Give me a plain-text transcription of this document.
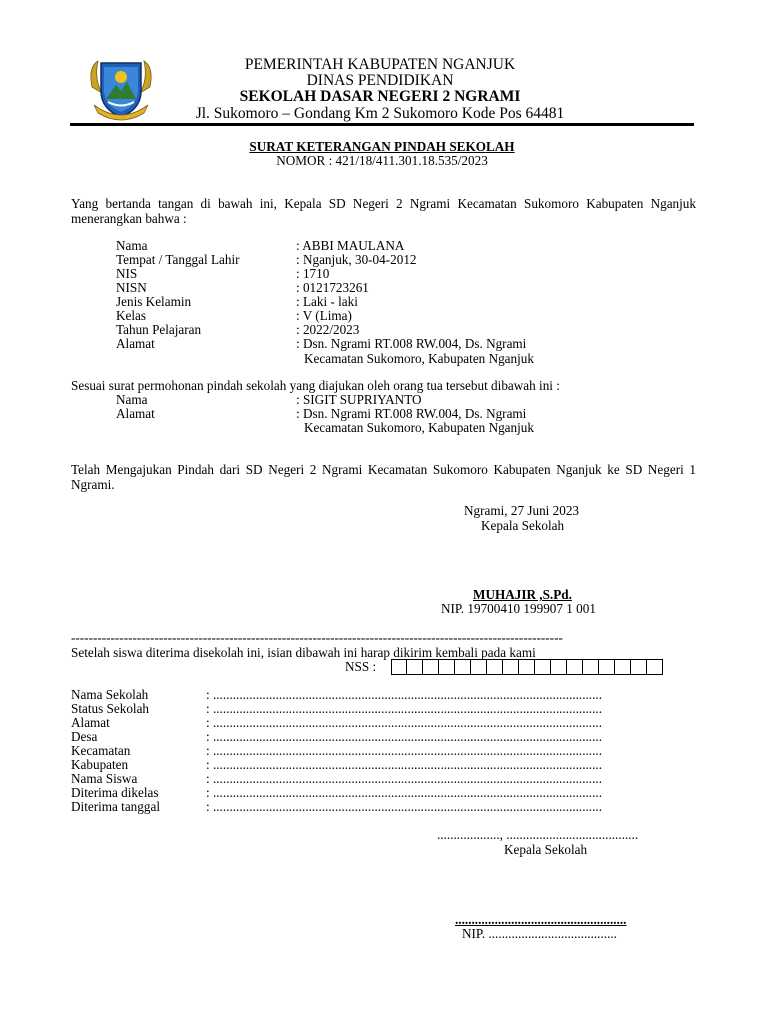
PEMERINTAH KABUPATEN NGANJUK
DINAS PENDIDIKAN
SEKOLAH DASAR NEGERI 2 NGRAMI
Jl. Sukomoro – Gondang Km 2 Sukomoro Kode Pos 64481
SURAT KETERANGAN PINDAH SEKOLAH
NOMOR : 421/18/411.301.18.535/2023
Yang bertanda tangan di bawah ini, Kepala SD Negeri 2 Ngrami Kecamatan Sukomoro Kabupaten Nganjuk menerangkan bahwa :
Nama	: ABBI MAULANA
Tempat / Tanggal Lahir	: Nganjuk, 30-04-2012
NIS	: 1710
NISN	: 0121723261
Jenis Kelamin	: Laki - laki
Kelas	: V (Lima)
Tahun Pelajaran	: 2022/2023
Alamat	: Dsn. Ngrami RT.008 RW.004, Ds. Ngrami
Kecamatan Sukomoro, Kabupaten Nganjuk
Sesuai surat permohonan pindah sekolah yang diajukan oleh orang tua tersebut dibawah ini :
Nama	: SIGIT SUPRIYANTO
Alamat	: Dsn. Ngrami RT.008 RW.004, Ds. Ngrami
Kecamatan Sukomoro, Kabupaten Nganjuk
Telah Mengajukan Pindah dari SD Negeri 2 Ngrami Kecamatan Sukomoro Kabupaten Nganjuk ke SD Negeri 1 Ngrami.
Ngrami, 27 Juni 2023
Kepala Sekolah
MUHAJIR ,S.Pd.
NIP. 19700410 199907 1 001
----------------------------------------------------------------------------------------------------------------
Setelah siswa diterima disekolah ini, isian dibawah ini harap dikirim kembali pada kami
NSS :
Nama Sekolah	: ......................................................................................................................
Status Sekolah	: ......................................................................................................................
Alamat	: ......................................................................................................................
Desa	: ......................................................................................................................
Kecamatan	: ......................................................................................................................
Kabupaten	: ......................................................................................................................
Nama Siswa	: ......................................................................................................................
Diterima dikelas	: ......................................................................................................................
Diterima tanggal	: ......................................................................................................................
..................., ........................................
Kepala Sekolah
....................................................
NIP. .......................................
